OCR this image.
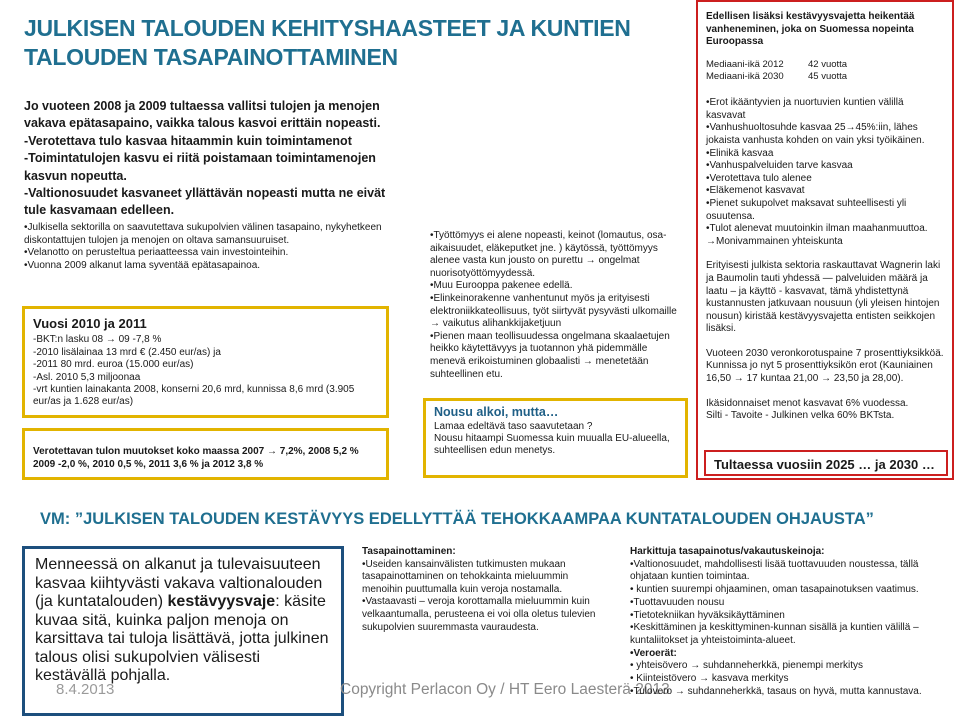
JULKISEN TALOUDEN KEHITYSHAASTEET JA KUNTIEN
TALOUDEN TASAPAINOTTAMINEN

Jo vuoteen 2008 ja 2009 tultaessa vallitsi tulojen ja menojen vakava epätasapaino, vaikka talous kasvoi erittäin nopeasti.

-Verotettava tulo kasvaa hitaammin kuin toimintamenot

-Toimintatulojen kasvu ei riitä poistamaan toimintamenojen kasvun nopeutta.

-Valtionosuudet kasvaneet yllättävän nopeasti mutta ne eivät tule kasvamaan edelleen.

•Julkisella sektorilla on saavutettava sukupolvien välinen tasapaino, nykyhetkeen diskontattujen tulojen ja menojen on oltava samansuuruiset.

•Velanotto on perusteltua periaatteessa vain investointeihin.

•Vuonna 2009 alkanut lama syventää epätasapainoa.

Vuosi 2010 ja 2011

-BKT:n lasku 08 → 09 -7,8 %

-2010 lisälainaa 13 mrd € (2.450 eur/as) ja

-2011 80 mrd. euroa (15.000 eur/as)

-Asl. 2010 5,3 miljoonaa

-vrt kuntien lainakanta 2008, konserni 20,6 mrd, kunnissa 8,6 mrd (3.905 eur/as ja 1.628 eur/as)

Verotettavan tulon muutokset koko maassa 2007 → 7,2%, 2008 5,2 % 2009 -2,0 %, 2010 0,5 %, 2011 3,6 % ja 2012 3,8 %

•Työttömyys ei alene nopeasti, keinot (lomautus, osa-aikaisuudet, eläkeputket jne. ) käytössä, työttömyys alenee vasta kun jousto on purettu → ongelmat nuorisotyöttömyydessä.

•Muu Eurooppa pakenee edellä.

•Elinkeinorakenne vanhentunut myös ja erityisesti elektroniikkateollisuus, työt siirtyvät pysyvästi ulkomaille → vaikutus alihankkijaketjuun

•Pienen maan teollisuudessa ongelmana skaalaetujen heikko käytettävyys ja tuotannon yhä pidemmälle menevä erikoistuminen globaalisti → menetetään suhteellinen etu.

Nousu alkoi, mutta…

Lamaa edeltävä taso saavutetaan ?

Nousu hitaampi Suomessa kuin muualla EU-alueella, suhteellisen edun menetys.

Edellisen lisäksi kestävyysvajetta heikentää vanheneminen, joka on Suomessa nopeinta Euroopassa

Mediaani-ikä 2012	42 vuotta
Mediaani-ikä 2030	45 vuotta

•Erot ikääntyvien ja nuortuvien kuntien välillä kasvavat

•Vanhushuoltosuhde kasvaa 25→45%:iin, lähes jokaista vanhusta kohden on vain yksi työikäinen.

•Elinikä kasvaa

•Vanhuspalveluiden tarve kasvaa

•Verotettava tulo alenee

•Eläkemenot kasvavat

•Pienet sukupolvet maksavat suhteellisesti yli osuutensa.

•Tulot alenevat muutoinkin ilman maahanmuuttoa.

→Monivammainen yhteiskunta

Erityisesti julkista sektoria raskauttavat Wagnerin laki ja Baumolin tauti yhdessä — palveluiden määrä ja laatu – ja käyttö - kasvavat, tämä yhdistettynä kustannusten jatkuvaan nousuun (yli yleisen hintojen nousun) kiristää kestävyysvajetta entisten seikkojen lisäksi.

Vuoteen 2030 veronkorotuspaine 7 prosenttiyksikköä. Kunnissa jo nyt 5 prosenttiyksikön erot (Kauniainen 16,50 → 17 kuntaa 21,00 → 23,50 ja 28,00).

Ikäsidonnaiset menot kasvavat 6% vuodessa.

Silti - Tavoite - Julkinen velka 60% BKTsta.

Tultaessa vuosiin 2025 … ja 2030 …
VM: ”JULKISEN TALOUDEN KESTÄVYYS EDELLYTTÄÄ TEHOKKAAMPAA KUNTATALOUDEN OHJAUSTA”

Menneessä on alkanut ja tulevaisuuteen kasvaa kiihtyvästi vakava valtionalouden (ja kuntatalouden) kestävyysvaje: käsite kuvaa sitä, kuinka paljon menoja on karsittava tai tuloja lisättävä, jotta julkinen talous olisi sukupolvien välisesti kestävällä pohjalla.

8.4.2013	Copyright Perlacon Oy / HT Eero Laesterä 2013

Tasapainottaminen:

•Useiden kansainvälisten tutkimusten mukaan tasapainottaminen on tehokkainta mieluummin menoihin puuttumalla kuin veroja nostamalla.

•Vastaavasti – veroja korottamalla mieluummin kuin velkaantumalla, perusteena ei voi olla oletus tulevien sukupolvien suuremmasta vauraudesta.

Harkittuja tasapainotus/vakautuskeinoja:

•Valtionosuudet, mahdollisesti lisää tuottavuuden noustessa, tällä ohjataan kuntien toimintaa.

• kuntien suurempi ohjaaminen, oman tasapainotuksen vaatimus.

•Tuottavuuden nousu

•Tietotekniikan hyväksikäyttäminen

•Keskittäminen ja keskittyminen-kunnan sisällä ja kuntien välillä – kuntaliitokset ja yhteistoiminta-alueet.

•Veroerät:

• yhteisövero → suhdanneherkkä, pienempi merkitys

• Kiinteistövero → kasvava merkitys

•Tulovero → suhdanneherkkä, tasaus on hyvä, mutta kannustava.
